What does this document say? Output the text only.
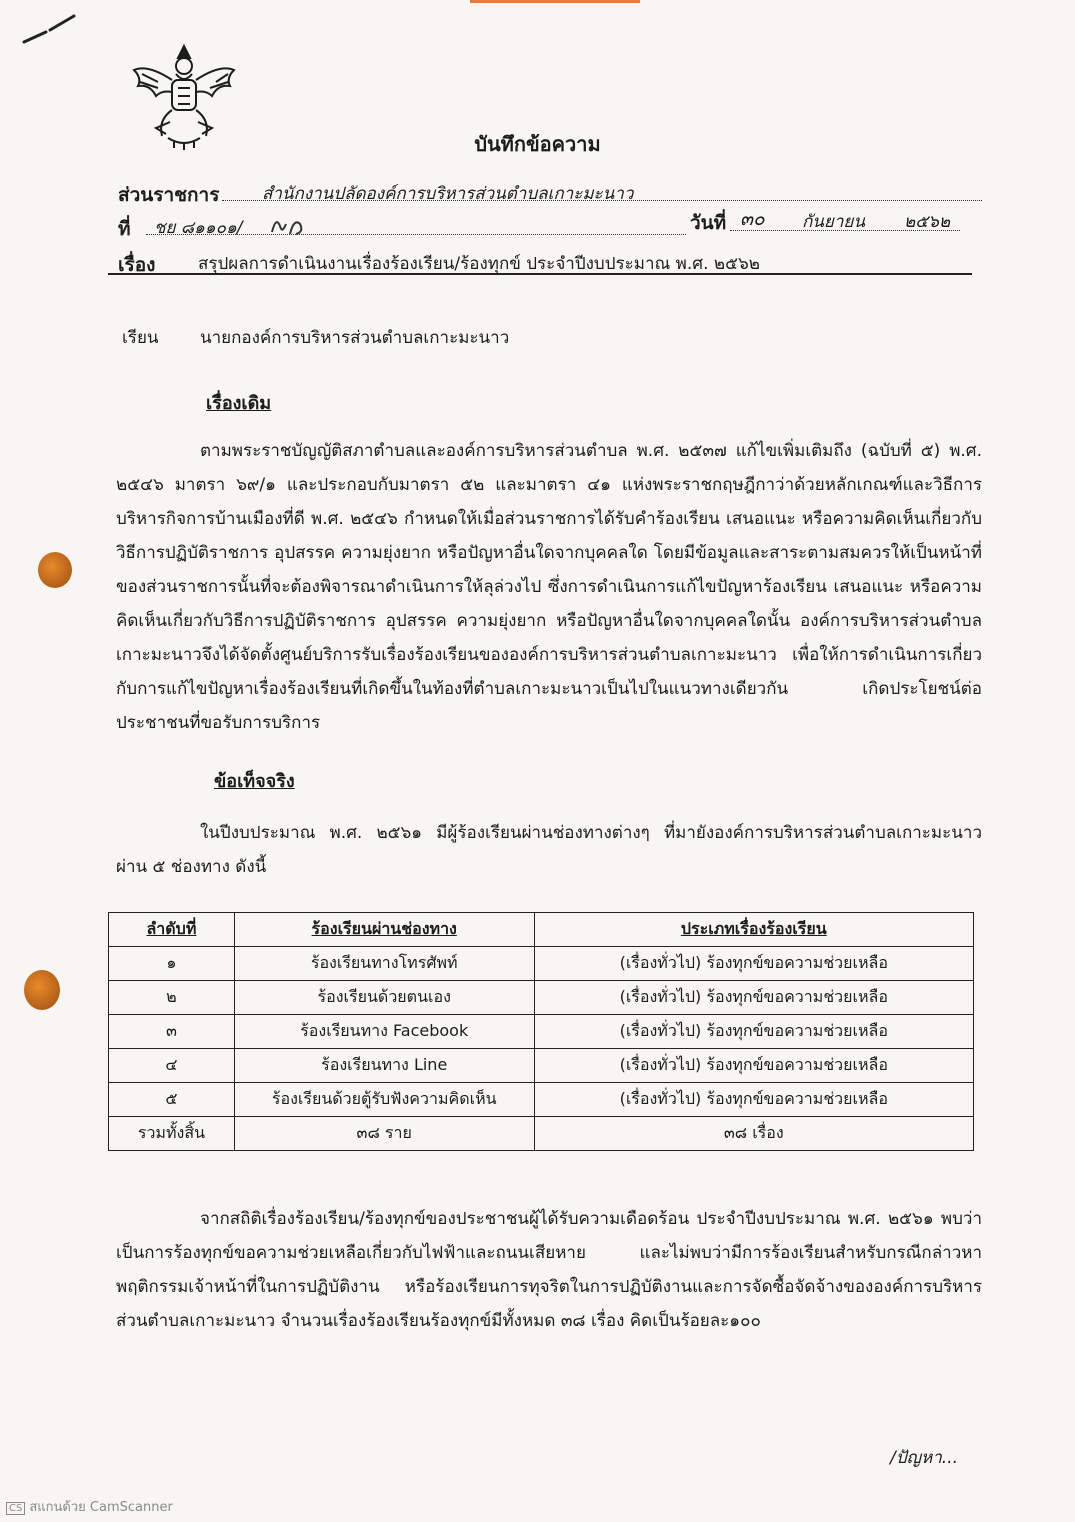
บันทึกข้อความ
ส่วนราชการ	สำนักงานปลัดองค์การบริหารส่วนตำบลเกาะมะนาว
ที่ ชย ๘๑๑๐๑/	วันที่ ๓๐ กันยายน ๒๕๖๒
เรื่อง	สรุปผลการดำเนินงานเรื่องร้องเรียน/ร้องทุกข์ ประจำปีงบประมาณ พ.ศ. ๒๕๖๒
เรียน นายกองค์การบริหารส่วนตำบลเกาะมะนาว
เรื่องเดิม

ตามพระราชบัญญัติสภาตำบลและองค์การบริหารส่วนตำบล พ.ศ. ๒๕๓๗ แก้ไขเพิ่มเติมถึง (ฉบับที่ ๕) พ.ศ. ๒๕๔๖ มาตรา ๖๙/๑ และประกอบกับมาตรา ๕๒ และมาตรา ๔๑ แห่งพระราชกฤษฎีกาว่าด้วยหลักเกณฑ์และวิธีการบริหารกิจการบ้านเมืองที่ดี พ.ศ. ๒๕๔๖ กำหนดให้เมื่อส่วนราชการได้รับคำร้องเรียน เสนอแนะ หรือความคิดเห็นเกี่ยวกับวิธีการปฏิบัติราชการ อุปสรรค ความยุ่งยาก หรือปัญหาอื่นใดจากบุคคลใด โดยมีข้อมูลและสาระตามสมควรให้เป็นหน้าที่ของส่วนราชการนั้นที่จะต้องพิจารณาดำเนินการให้ลุล่วงไป ซึ่งการดำเนินการแก้ไขปัญหาร้องเรียน เสนอแนะ หรือความคิดเห็นเกี่ยวกับวิธีการปฏิบัติราชการ อุปสรรค ความยุ่งยาก หรือปัญหาอื่นใดจากบุคคลใดนั้น องค์การบริหารส่วนตำบลเกาะมะนาวจึงได้จัดตั้งศูนย์บริการรับเรื่องร้องเรียนขององค์การบริหารส่วนตำบลเกาะมะนาว เพื่อให้การดำเนินการเกี่ยวกับการแก้ไขปัญหาเรื่องร้องเรียนที่เกิดขึ้นในท้องที่ตำบลเกาะมะนาวเป็นไปในแนวทางเดียวกัน เกิดประโยชน์ต่อประชาชนที่ขอรับการบริการ

ข้อเท็จจริง

ในปีงบประมาณ พ.ศ. ๒๕๖๑ มีผู้ร้องเรียนผ่านช่องทางต่างๆ ที่มายังองค์การบริหารส่วนตำบลเกาะมะนาว ผ่าน ๕ ช่องทาง ดังนี้

ลำดับที่	ร้องเรียนผ่านช่องทาง	ประเภทเรื่องร้องเรียน
๑	ร้องเรียนทางโทรศัพท์	(เรื่องทั่วไป) ร้องทุกข์ขอความช่วยเหลือ
๒	ร้องเรียนด้วยตนเอง	(เรื่องทั่วไป) ร้องทุกข์ขอความช่วยเหลือ
๓	ร้องเรียนทาง Facebook	(เรื่องทั่วไป) ร้องทุกข์ขอความช่วยเหลือ
๔	ร้องเรียนทาง Line	(เรื่องทั่วไป) ร้องทุกข์ขอความช่วยเหลือ
๕	ร้องเรียนด้วยตู้รับฟังความคิดเห็น	(เรื่องทั่วไป) ร้องทุกข์ขอความช่วยเหลือ
รวมทั้งสิ้น	๓๘ ราย	๓๘ เรื่อง

จากสถิติเรื่องร้องเรียน/ร้องทุกข์ของประชาชนผู้ได้รับความเดือดร้อน ประจำปีงบประมาณ พ.ศ. ๒๕๖๑ พบว่าเป็นการร้องทุกข์ขอความช่วยเหลือเกี่ยวกับไฟฟ้าและถนนเสียหาย และไม่พบว่ามีการร้องเรียนสำหรับกรณีกล่าวหาพฤติกรรมเจ้าหน้าที่ในการปฏิบัติงาน หรือร้องเรียนการทุจริตในการปฏิบัติงานและการจัดซื้อจัดจ้างขององค์การบริหารส่วนตำบลเกาะมะนาว จำนวนเรื่องร้องเรียนร้องทุกข์มีทั้งหมด ๓๘ เรื่อง คิดเป็นร้อยละ๑๐๐

/ปัญหา...
CS สแกนด้วย CamScanner
